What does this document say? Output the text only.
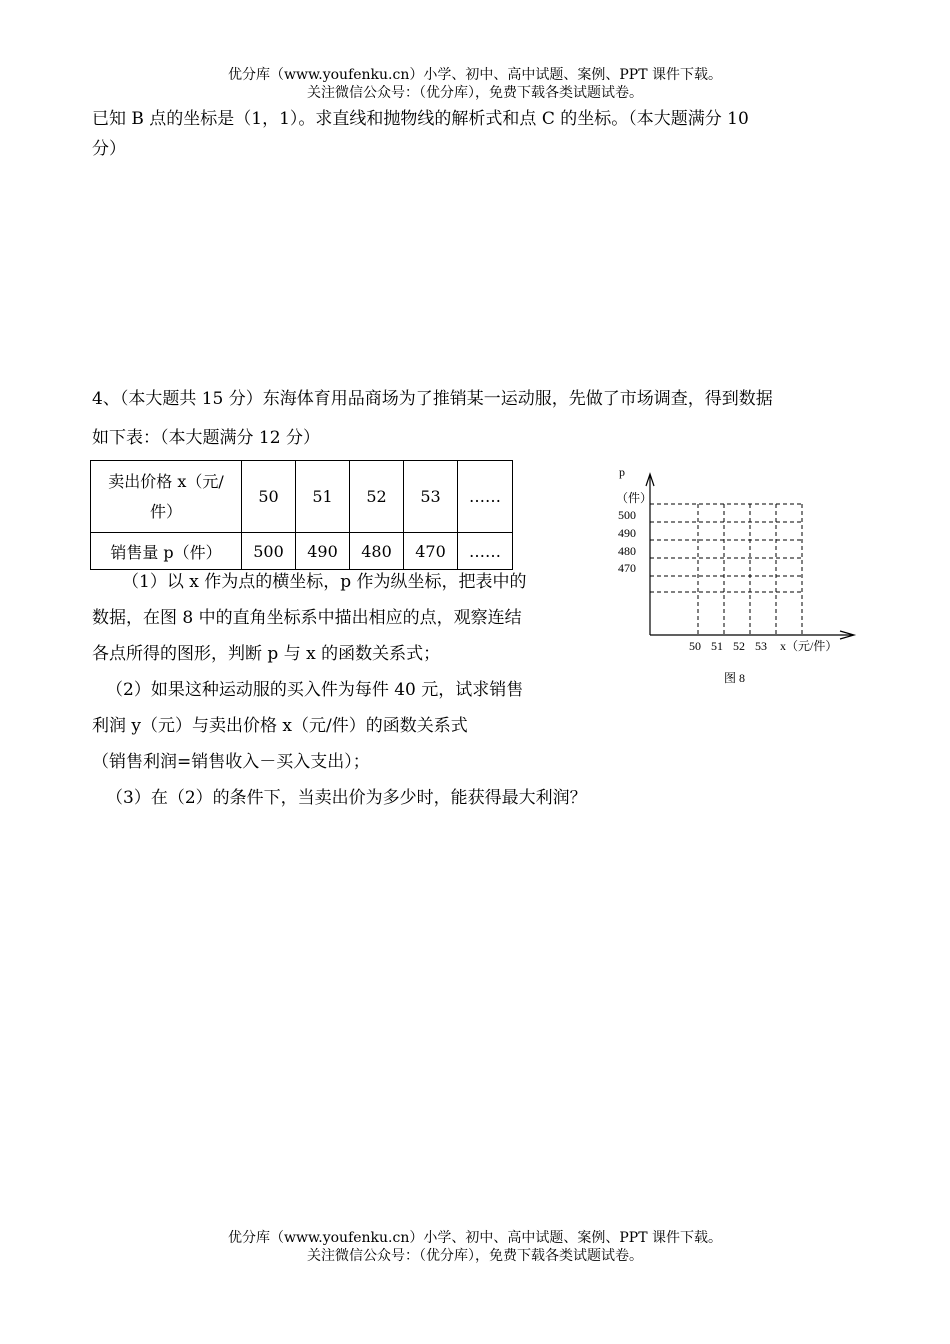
优分库（www.youfenku.cn）小学、初中、高中试题、案例、PPT 课件下载。
关注微信公众号：（优分库），免费下载各类试题试卷。
已知 B 点的坐标是（1，1）。求直线和抛物线的解析式和点 C 的坐标。（本大题满分 10
分）
4、（本大题共 15 分）东海体育用品商场为了推销某一运动服，先做了市场调查，得到数据
如下表：（本大题满分 12 分）
卖出价格 x（元/
件）	50	51	52	53	……
销售量 p（件）	500	490	480	470	……
（1）以 x 作为点的横坐标，p 作为纵坐标，把表中的
数据，在图 8 中的直角坐标系中描出相应的点，观察连结
各点所得的图形，判断 p 与 x 的函数关系式；
（2）如果这种运动服的买入件为每件 40 元，试求销售
利润 y（元）与卖出价格 x（元/件）的函数关系式
（销售利润=销售收入－买入支出）；
（3）在（2）的条件下，当卖出价为多少时，能获得最大利润？
p
（件）
500
490
480
470
50 51 52 53 x（元/件）
图 8
优分库（www.youfenku.cn）小学、初中、高中试题、案例、PPT 课件下载。
关注微信公众号：（优分库），免费下载各类试题试卷。
